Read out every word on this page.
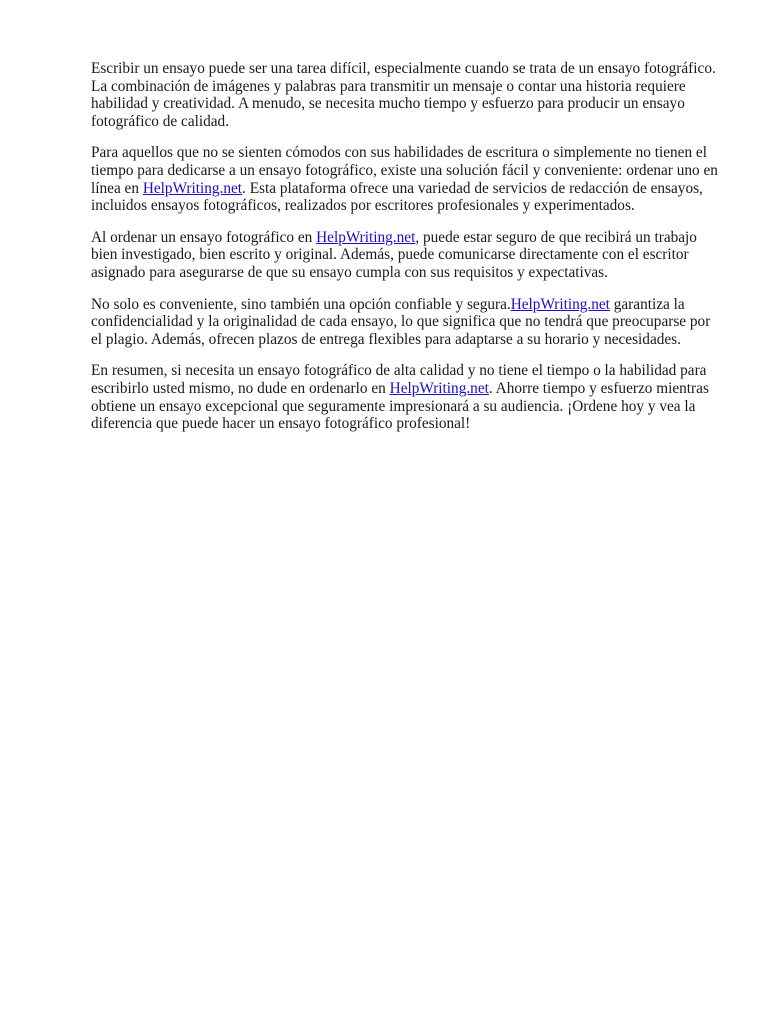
Escribir un ensayo puede ser una tarea difícil, especialmente cuando se trata de un ensayo fotográfico. La combinación de imágenes y palabras para transmitir un mensaje o contar una historia requiere habilidad y creatividad. A menudo, se necesita mucho tiempo y esfuerzo para producir un ensayo fotográfico de calidad.

Para aquellos que no se sienten cómodos con sus habilidades de escritura o simplemente no tienen el tiempo para dedicarse a un ensayo fotográfico, existe una solución fácil y conveniente: ordenar uno en línea en HelpWriting.net. Esta plataforma ofrece una variedad de servicios de redacción de ensayos, incluidos ensayos fotográficos, realizados por escritores profesionales y experimentados.

Al ordenar un ensayo fotográfico en HelpWriting.net, puede estar seguro de que recibirá un trabajo bien investigado, bien escrito y original. Además, puede comunicarse directamente con el escritor asignado para asegurarse de que su ensayo cumpla con sus requisitos y expectativas.

No solo es conveniente, sino también una opción confiable y segura.HelpWriting.net garantiza la confidencialidad y la originalidad de cada ensayo, lo que significa que no tendrá que preocuparse por el plagio. Además, ofrecen plazos de entrega flexibles para adaptarse a su horario y necesidades.

En resumen, si necesita un ensayo fotográfico de alta calidad y no tiene el tiempo o la habilidad para escribirlo usted mismo, no dude en ordenarlo en HelpWriting.net. Ahorre tiempo y esfuerzo mientras obtiene un ensayo excepcional que seguramente impresionará a su audiencia. ¡Ordene hoy y vea la diferencia que puede hacer un ensayo fotográfico profesional!
